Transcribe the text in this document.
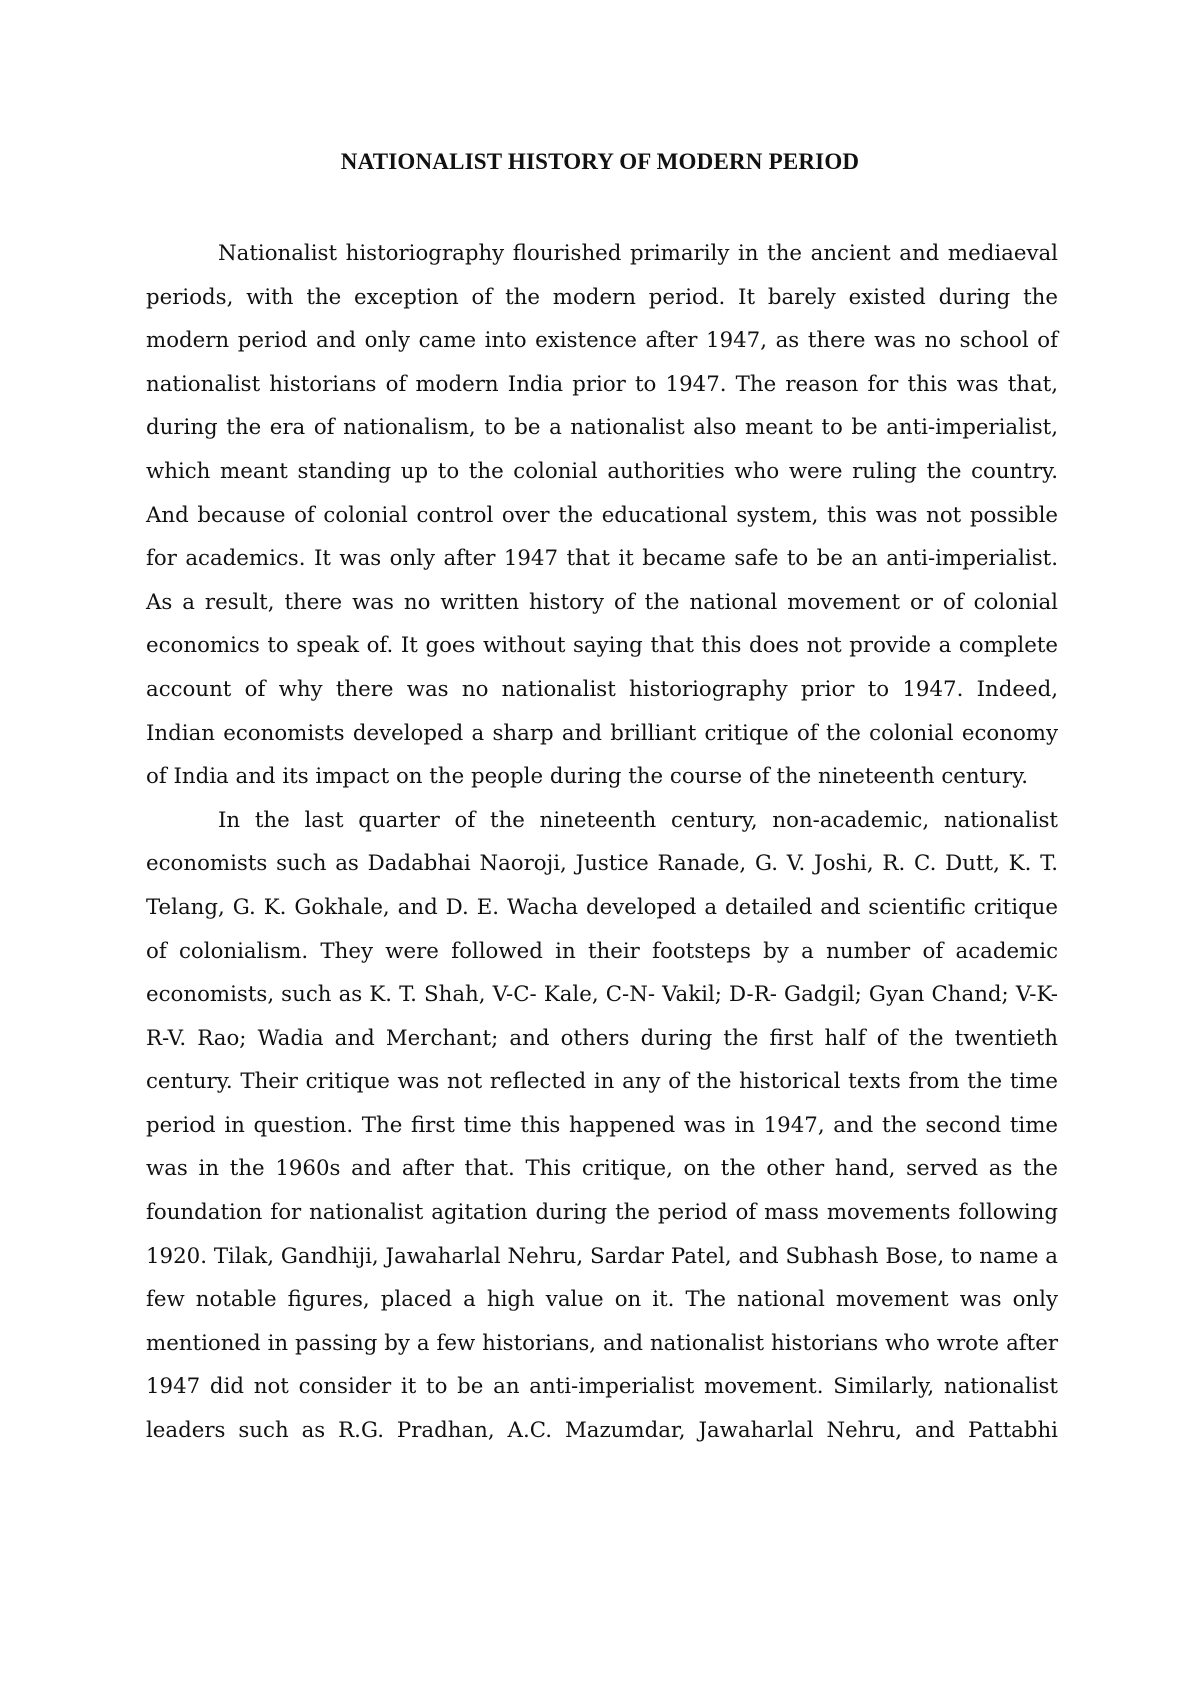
NATIONALIST HISTORY OF MODERN PERIOD

Nationalist historiography flourished primarily in the ancient and mediaeval periods, with the exception of the modern period. It barely existed during the modern period and only came into existence after 1947, as there was no school of nationalist historians of modern India prior to 1947. The reason for this was that, during the era of nationalism, to be a nationalist also meant to be anti-imperialist, which meant standing up to the colonial authorities who were ruling the country. And because of colonial control over the educational system, this was not possible for academics. It was only after 1947 that it became safe to be an anti-imperialist. As a result, there was no written history of the national movement or of colonial economics to speak of. It goes without saying that this does not provide a complete account of why there was no nationalist historiography prior to 1947. Indeed, Indian economists developed a sharp and brilliant critique of the colonial economy of India and its impact on the people during the course of the nineteenth century.

In the last quarter of the nineteenth century, non-academic, nationalist economists such as Dadabhai Naoroji, Justice Ranade, G. V. Joshi, R. C. Dutt, K. T. Telang, G. K. Gokhale, and D. E. Wacha developed a detailed and scientific critique of colonialism. They were followed in their footsteps by a number of academic economists, such as K. T. Shah, V-C- Kale, C-N- Vakil; D-R- Gadgil; Gyan Chand; V-K-R-V. Rao; Wadia and Merchant; and others during the first half of the twentieth century. Their critique was not reflected in any of the historical texts from the time period in question. The first time this happened was in 1947, and the second time was in the 1960s and after that. This critique, on the other hand, served as the foundation for nationalist agitation during the period of mass movements following 1920. Tilak, Gandhiji, Jawaharlal Nehru, Sardar Patel, and Subhash Bose, to name a few notable figures, placed a high value on it. The national movement was only mentioned in passing by a few historians, and nationalist historians who wrote after 1947 did not consider it to be an anti-imperialist movement. Similarly, nationalist leaders such as R.G. Pradhan, A.C. Mazumdar, Jawaharlal Nehru, and Pattabhi
